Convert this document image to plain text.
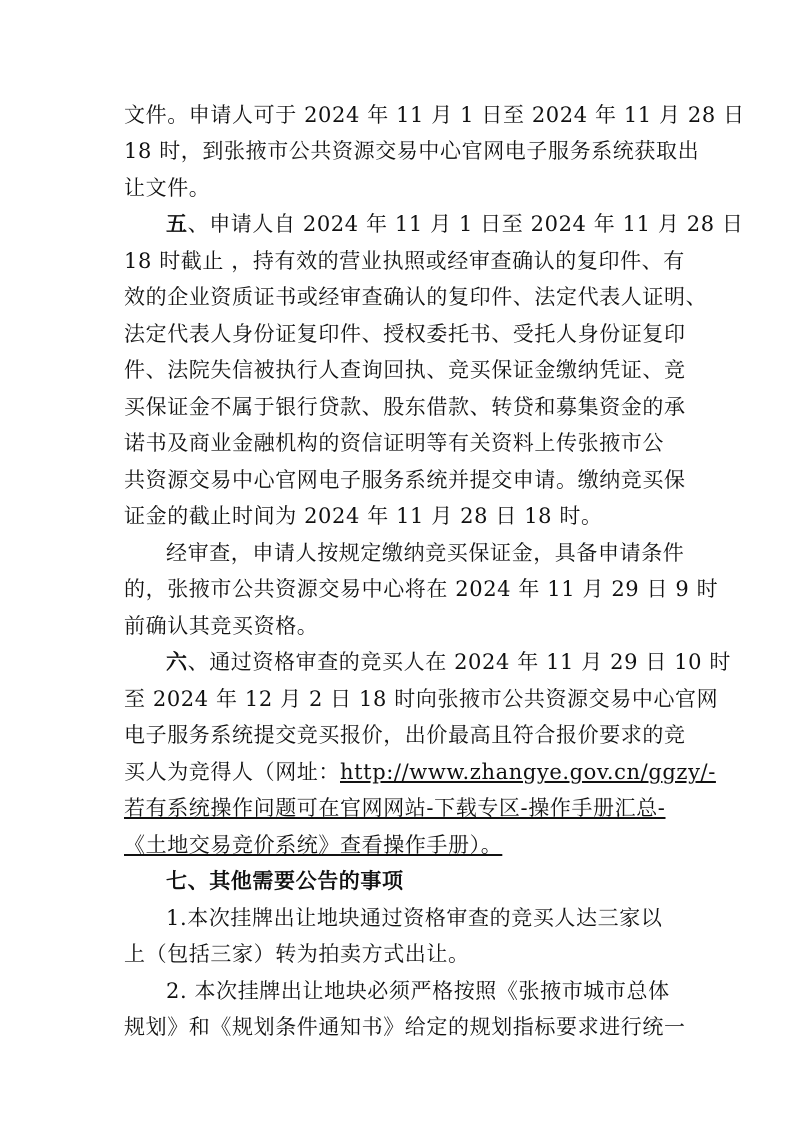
文件。申请人可于 2024 年 11 月 1 日至 2024 年 11 月 28 日
18 时，到张掖市公共资源交易中心官网电子服务系统获取出
让文件。
五、申请人自 2024 年 11 月 1 日至 2024 年 11 月 28 日
18 时截止 ，持有效的营业执照或经审查确认的复印件、有
效的企业资质证书或经审查确认的复印件、法定代表人证明、
法定代表人身份证复印件、授权委托书、受托人身份证复印
件、法院失信被执行人查询回执、竞买保证金缴纳凭证、竞
买保证金不属于银行贷款、股东借款、转贷和募集资金的承
诺书及商业金融机构的资信证明等有关资料上传张掖市公
共资源交易中心官网电子服务系统并提交申请。缴纳竞买保
证金的截止时间为 2024 年 11 月 28 日 18 时。
经审查，申请人按规定缴纳竞买保证金，具备申请条件
的，张掖市公共资源交易中心将在 2024 年 11 月 29 日 9 时
前确认其竞买资格。
六、通过资格审查的竞买人在 2024 年 11 月 29 日 10 时
至 2024 年 12 月 2 日 18 时向张掖市公共资源交易中心官网
电子服务系统提交竞买报价，出价最高且符合报价要求的竞
买人为竞得人（网址：http://www.zhangye.gov.cn/ggzy/-
若有系统操作问题可在官网网站-下载专区-操作手册汇总-
《土地交易竞价系统》查看操作手册）。
七、其他需要公告的事项
1.本次挂牌出让地块通过资格审查的竞买人达三家以
上（包括三家）转为拍卖方式出让。
2. 本次挂牌出让地块必须严格按照《张掖市城市总体
规划》和《规划条件通知书》给定的规划指标要求进行统一
